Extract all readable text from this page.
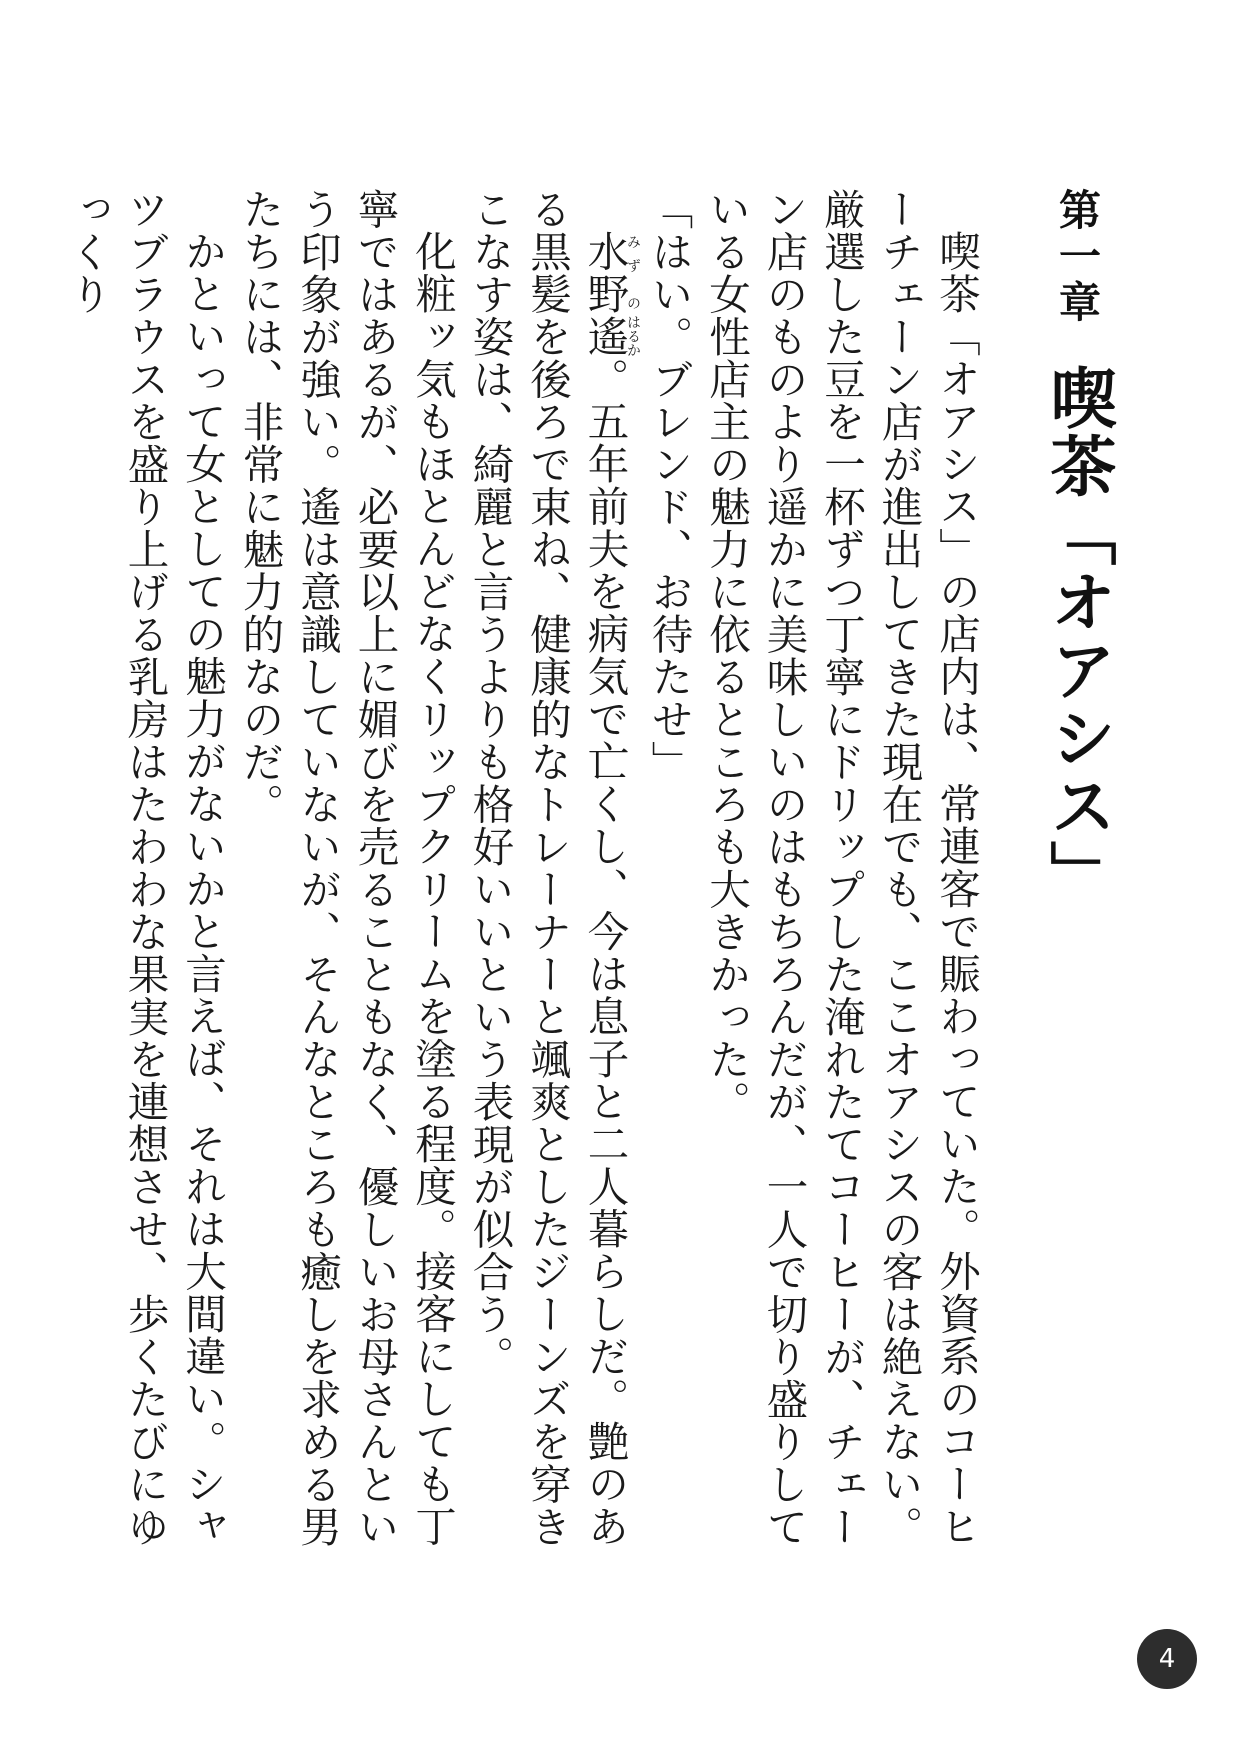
第一章喫茶「オアシス」

喫茶「オアシス」の店内は、常連客で賑わっていた。外資系のコーヒーチェーン店が進出してきた現在でも、ここオアシスの客は絶えない。厳選した豆を一杯ずつ丁寧にドリップした淹れたてコーヒーが、チェーン店のものより遥かに美味しいのはもちろんだが、一人で切り盛りしている女性店主の魅力に依るところも大きかった。

「はい。ブレンド、お待たせ」

水野みず の遙はるか。五年前夫を病気で亡くし、今は息子と二人暮らしだ。艶のある黒髪を後ろで束ね、健康的なトレーナーと颯爽としたジーンズを穿きこなす姿は、綺麗と言うよりも格好いいという表現が似合う。

化粧ッ気もほとんどなくリップクリームを塗る程度。接客にしても丁寧ではあるが、必要以上に媚びを売ることもなく、優しいお母さんという印象が強い。遙は意識していないが、そんなところも癒しを求める男たちには、非常に魅力的なのだ。

かといって女としての魅力がないかと言えば、それは大間違い。シャツブラウスを盛り上げる乳房はたわわな果実を連想させ、歩くたびにゆっくり

4
